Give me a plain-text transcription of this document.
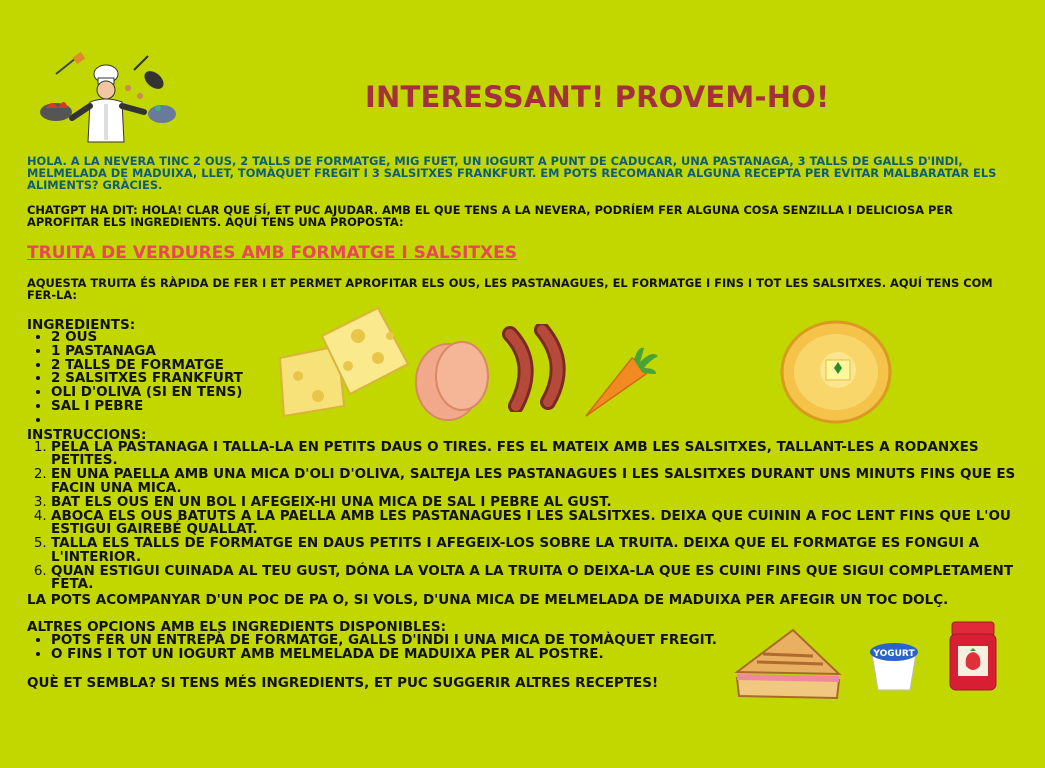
INTERESSANT! PROVEM-HO!
HOLA. A LA NEVERA TINC 2 OUS, 2 TALLS DE FORMATGE, MIG FUET, UN IOGURT A PUNT DE CADUCAR, UNA PASTANAGA, 3 TALLS DE GALLS D'INDI, MELMELADA DE MADUIXA, LLET, TOMÀQUET FREGIT I 3 SALSITXES FRANKFURT. EM POTS RECOMANAR ALGUNA RECEPTA PER EVITAR MALBARATAR ELS ALIMENTS? GRÀCIES.
CHATGPT HA DIT: HOLA! CLAR QUE SÍ, ET PUC AJUDAR. AMB EL QUE TENS A LA NEVERA, PODRÍEM FER ALGUNA COSA SENZILLA I DELICIOSA PER APROFITAR ELS INGREDIENTS. AQUÍ TENS UNA PROPOSTA:
TRUITA DE VERDURES AMB FORMATGE I SALSITXES
AQUESTA TRUITA ÉS RÀPIDA DE FER I ET PERMET APROFITAR ELS OUS, LES PASTANAGUES, EL FORMATGE I FINS I TOT LES SALSITXES. AQUÍ TENS COM FER-LA:
INGREDIENTS:
• 2 OUS
• 1 PASTANAGA
• 2 TALLS DE FORMATGE
• 2 SALSITXES FRANKFURT
• OLI D'OLIVA (SI EN TENS)
• SAL I PEBRE
•
INSTRUCCIONS:
1. PELA LA PASTANAGA I TALLA-LA EN PETITS DAUS O TIRES. FES EL MATEIX AMB LES SALSITXES, TALLANT-LES A RODANXES PETITES.
2. EN UNA PAELLA AMB UNA MICA D'OLI D'OLIVA, SALTEJA LES PASTANAGUES I LES SALSITXES DURANT UNS MINUTS FINS QUE ES FACIN UNA MICA.
3. BAT ELS OUS EN UN BOL I AFEGEIX-HI UNA MICA DE SAL I PEBRE AL GUST.
4. ABOCA ELS OUS BATUTS A LA PAELLA AMB LES PASTANAGUES I LES SALSITXES. DEIXA QUE CUININ A FOC LENT FINS QUE L'OU ESTIGUI GAIREBÉ QUALLAT.
5. TALLA ELS TALLS DE FORMATGE EN DAUS PETITS I AFEGEIX-LOS SOBRE LA TRUITA. DEIXA QUE EL FORMATGE ES FONGUI A L'INTERIOR.
6. QUAN ESTIGUI CUINADA AL TEU GUST, DÓNA LA VOLTA A LA TRUITA O DEIXA-LA QUE ES CUINI FINS QUE SIGUI COMPLETAMENT FETA.
LA POTS ACOMPANYAR D'UN POC DE PA O, SI VOLS, D'UNA MICA DE MELMELADA DE MADUIXA PER AFEGIR UN TOC DOLÇ.
ALTRES OPCIONS AMB ELS INGREDIENTS DISPONIBLES:
• POTS FER UN ENTREPÀ DE FORMATGE, GALLS D'INDI I UNA MICA DE TOMÀQUET FREGIT.
• O FINS I TOT UN IOGURT AMB MELMELADA DE MADUIXA PER AL POSTRE.
QUÈ ET SEMBLA? SI TENS MÉS INGREDIENTS, ET PUC SUGGERIR ALTRES RECEPTES!
YOGURT
